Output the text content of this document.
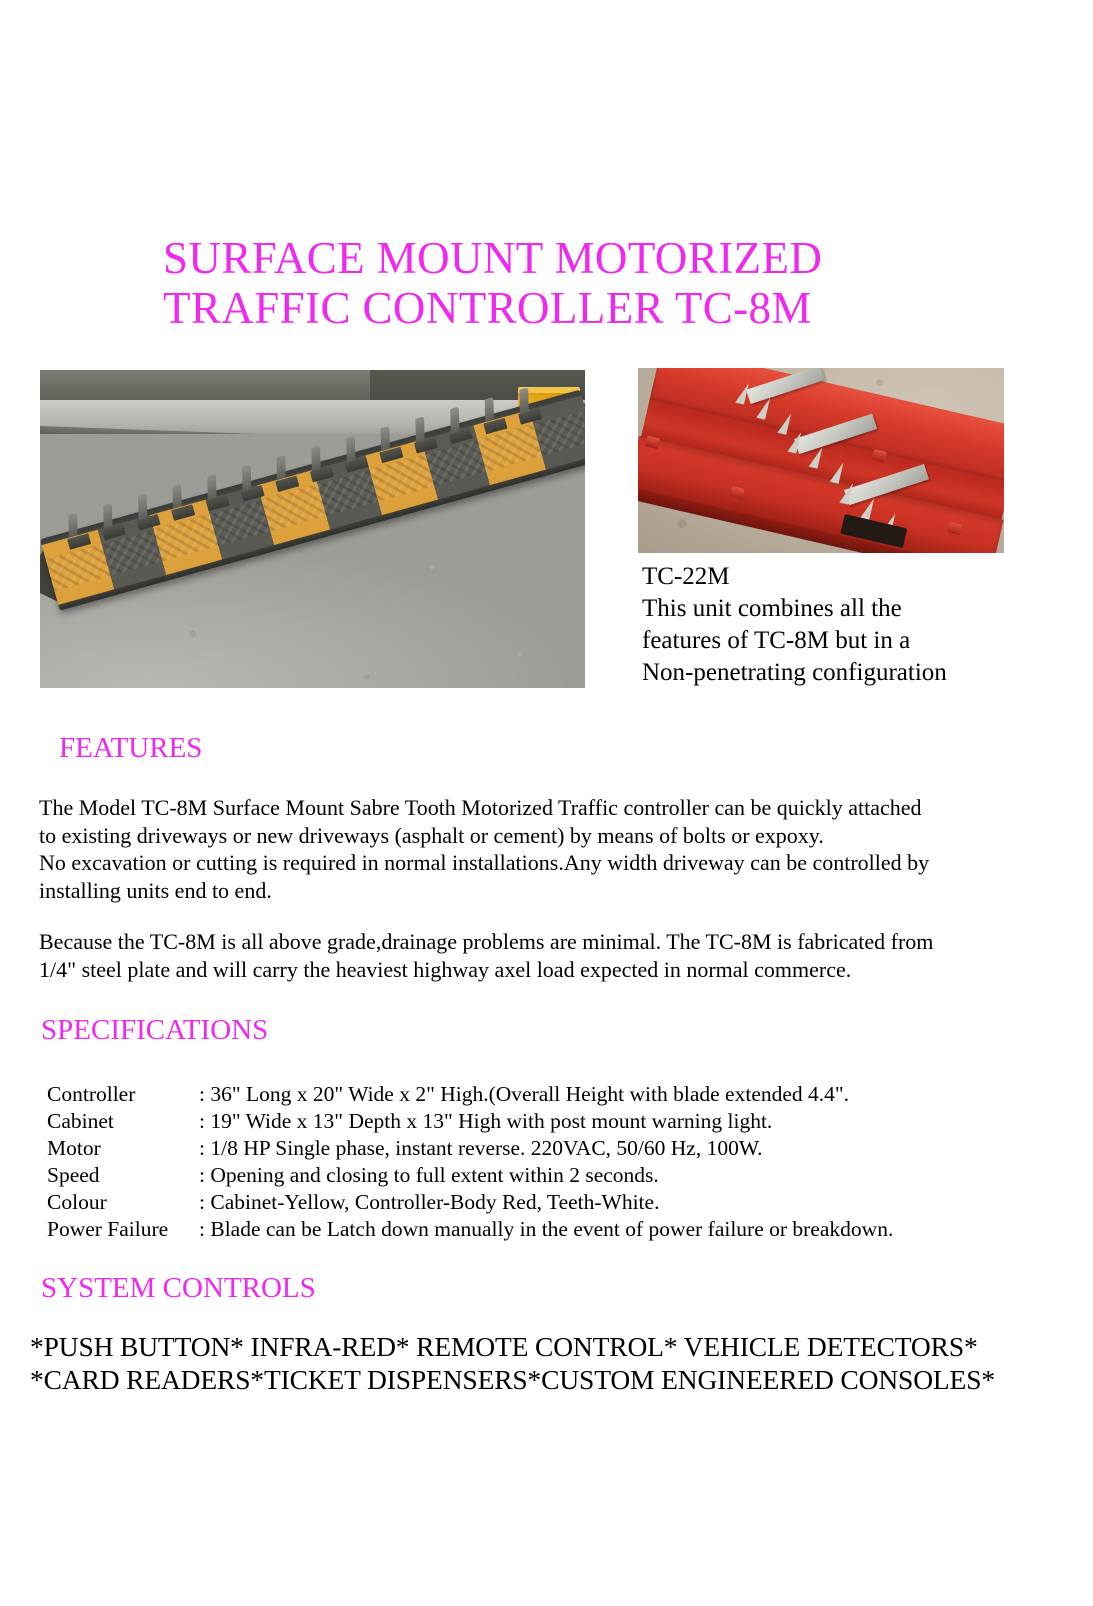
SURFACE MOUNT MOTORIZED
TRAFFIC CONTROLLER TC-8M
TC-22M
This unit combines all the
features of TC-8M but in a
Non-penetrating configuration
FEATURES
The Model TC-8M Surface Mount Sabre Tooth Motorized Traffic controller can be quickly attached
to existing driveways or new driveways (asphalt or cement) by means of bolts or expoxy.
No excavation or cutting is required in normal installations.Any width driveway can be controlled by
installing units end to end.
Because the TC-8M is all above grade,drainage problems are minimal. The TC-8M is fabricated from
1/4" steel plate and will carry the heaviest highway axel load expected in normal commerce.
SPECIFICATIONS
Controller	: 36" Long x 20" Wide x 2" High.(Overall Height with blade extended 4.4".
Cabinet	: 19" Wide x 13" Depth x 13" High with post mount warning light.
Motor	: 1/8 HP Single phase, instant reverse. 220VAC, 50/60 Hz, 100W.
Speed	: Opening and closing to full extent within 2 seconds.
Colour	: Cabinet-Yellow, Controller-Body Red, Teeth-White.
Power Failure	: Blade can be Latch down manually in the event of power failure or breakdown.
SYSTEM CONTROLS
*PUSH BUTTON* INFRA-RED* REMOTE CONTROL* VEHICLE DETECTORS*
*CARD READERS*TICKET DISPENSERS*CUSTOM ENGINEERED CONSOLES*
